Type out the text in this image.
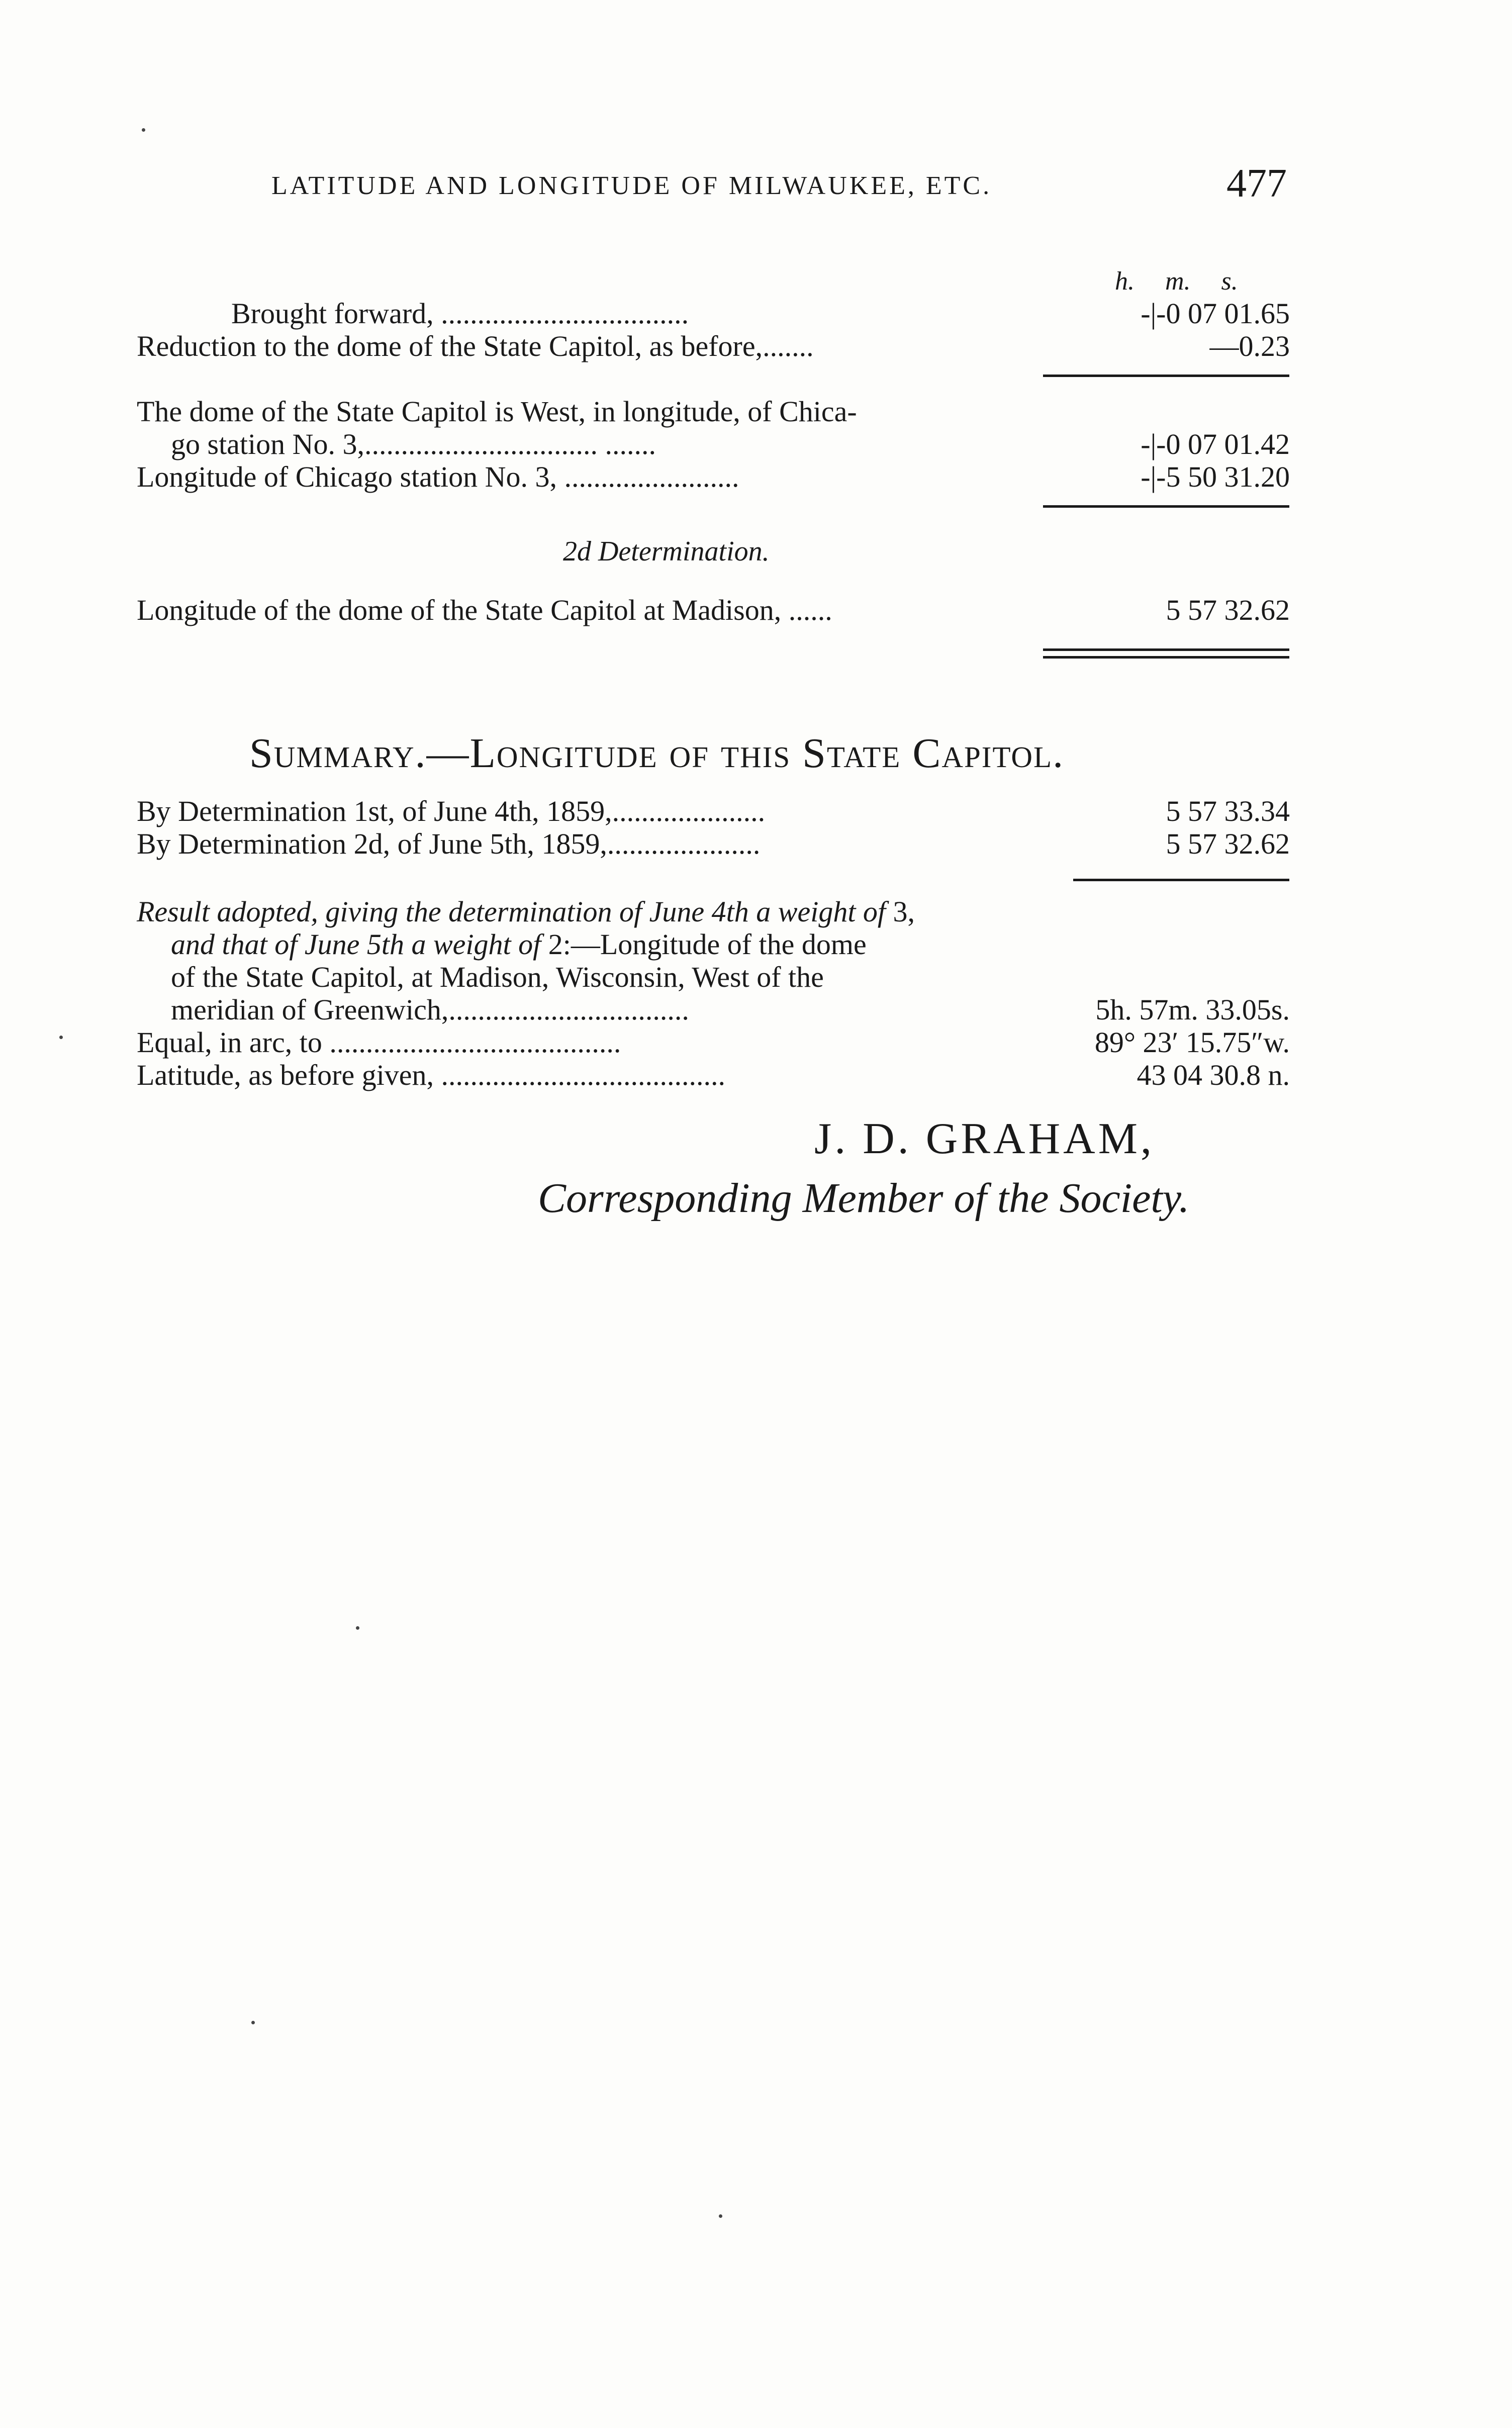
LATITUDE AND LONGITUDE OF MILWAUKEE, ETC.	477
h. m. s.
Brought forward, ..................................	-|-0 07 01.65
Reduction to the dome of the State Capitol, as before,.......	—0.23
The dome of the State Capitol is West, in longitude, of Chica-
go station No. 3,................................ .......	-|-0 07 01.42
Longitude of Chicago station No. 3, ........................	-|-5 50 31.20
2d Determination.
Longitude of the dome of the State Capitol at Madison, ......	5 57 32.62
Summary.—Longitude of this State Capitol.
By Determination 1st, of June 4th, 1859,.....................	5 57 33.34
By Determination 2d, of June 5th, 1859,.....................	5 57 32.62
Result adopted, giving the determination of June 4th a weight of 3,
and that of June 5th a weight of 2:—Longitude of the dome
of the State Capitol, at Madison, Wisconsin, West of the
meridian of Greenwich,.................................	5h. 57m. 33.05s.
Equal, in arc, to ........................................	89° 23′ 15.75″w.
Latitude, as before given, .......................................	43 04 30.8 n.
J. D. GRAHAM,
Corresponding Member of the Society.
